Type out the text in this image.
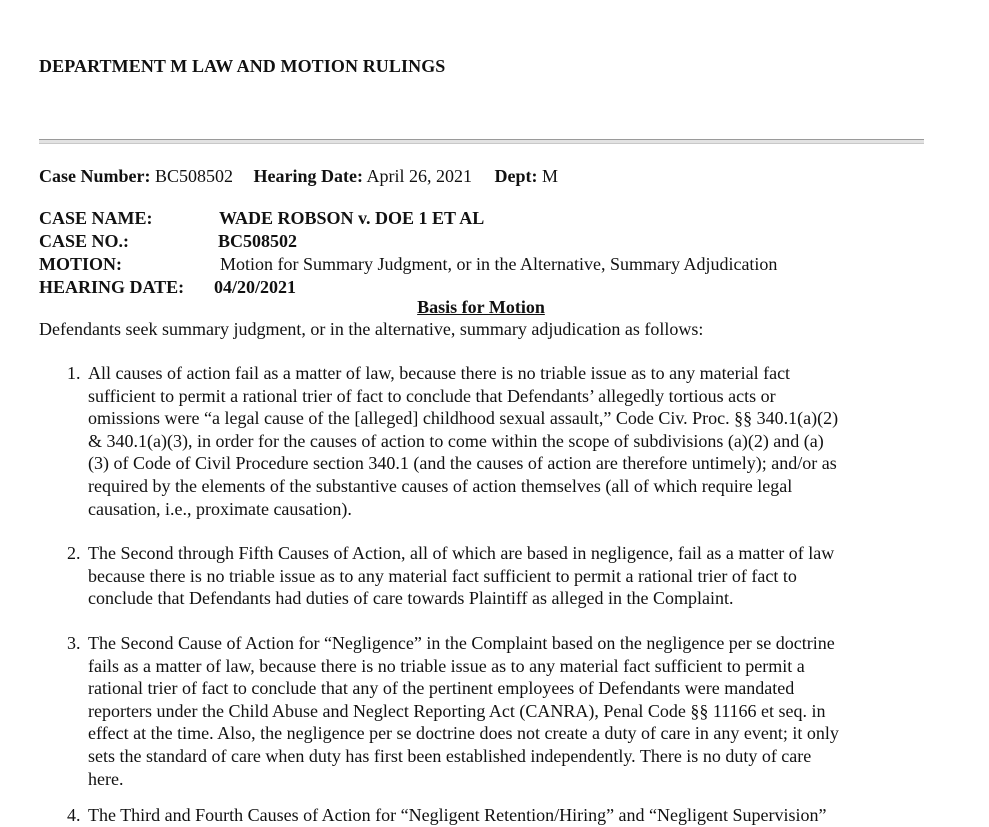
DEPARTMENT M LAW AND MOTION RULINGS
Case Number: BC508502 Hearing Date: April 26, 2021 Dept: M
CASE NAME:	WADE ROBSON v. DOE 1 ET AL
CASE NO.:	BC508502
MOTION:	Motion for Summary Judgment, or in the Alternative, Summary Adjudication
HEARING DATE: 04/20/2021
Basis for Motion
Defendants seek summary judgment, or in the alternative, summary adjudication as follows:
1. All causes of action fail as a matter of law, because there is no triable issue as to any material fact
sufficient to permit a rational trier of fact to conclude that Defendants’ allegedly tortious acts or
omissions were “a legal cause of the [alleged] childhood sexual assault,” Code Civ. Proc. §§ 340.1(a)(2)
& 340.1(a)(3), in order for the causes of action to come within the scope of subdivisions (a)(2) and (a)
(3) of Code of Civil Procedure section 340.1 (and the causes of action are therefore untimely); and/or as
required by the elements of the substantive causes of action themselves (all of which require legal
causation, i.e., proximate causation).
2. The Second through Fifth Causes of Action, all of which are based in negligence, fail as a matter of law
because there is no triable issue as to any material fact sufficient to permit a rational trier of fact to
conclude that Defendants had duties of care towards Plaintiff as alleged in the Complaint.
3. The Second Cause of Action for “Negligence” in the Complaint based on the negligence per se doctrine
fails as a matter of law, because there is no triable issue as to any material fact sufficient to permit a
rational trier of fact to conclude that any of the pertinent employees of Defendants were mandated
reporters under the Child Abuse and Neglect Reporting Act (CANRA), Penal Code §§ 11166 et seq. in
effect at the time. Also, the negligence per se doctrine does not create a duty of care in any event; it only
sets the standard of care when duty has first been established independently. There is no duty of care
here.
4. The Third and Fourth Causes of Action for “Negligent Retention/Hiring” and “Negligent Supervision”
